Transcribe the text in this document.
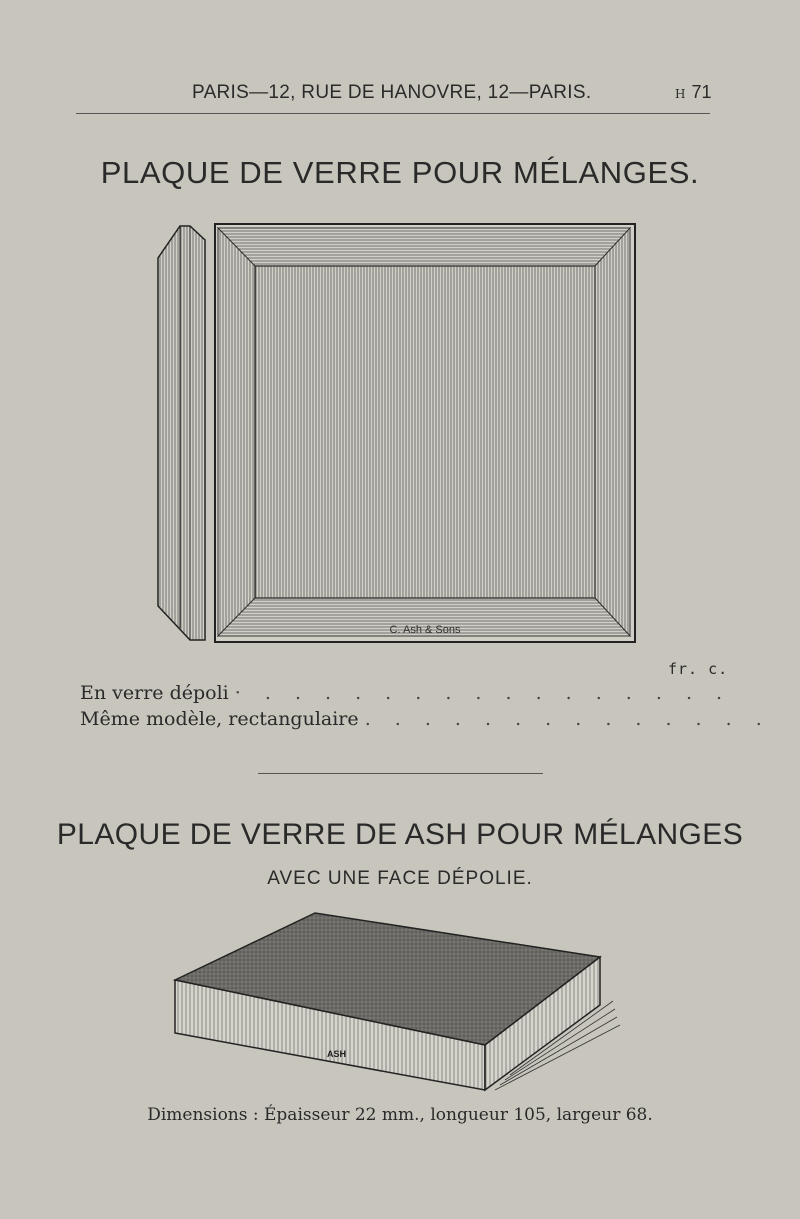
PARIS—12, RUE DE HANOVRE, 12—PARIS.	H 71
PLAQUE DE VERRE POUR MÉLANGES.
C. Ash & Sons
fr. c.
En verre dépoli · . . . . . . . . . . . . . . . .
Même modèle, rectangulaire . . . . . . . . . . . . . .
PLAQUE DE VERRE DE ASH POUR MÉLANGES
AVEC UNE FACE DÉPOLIE.
ASH
Dimensions : Épaisseur 22 mm., longueur 105, largeur 68.
